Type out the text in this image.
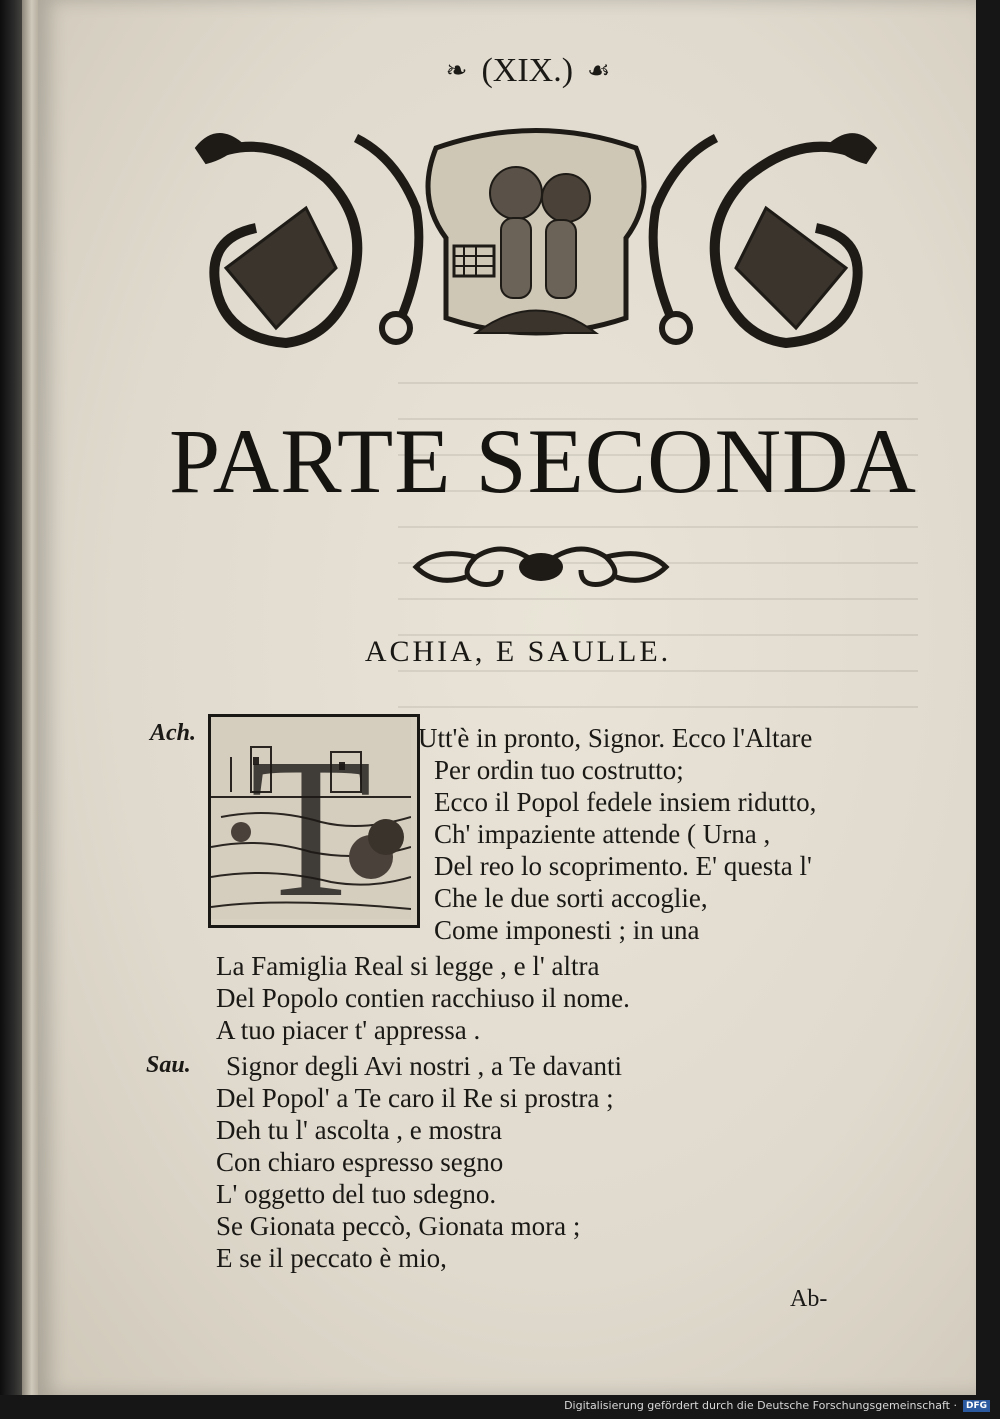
❧ (XIX.) ☙
PARTE SECONDA
ACHIA, E SAULLE.
Ach. T Utt'è in pronto, Signor. Ecco l'Altare
Per ordin tuo costrutto;
Ecco il Popol fedele insiem ridutto,
Ch' impaziente attende ( Urna ,
Del reo lo scoprimento. E' questa l'
Che le due sorti accoglie,
Come imponesti ; in una
La Famiglia Real si legge , e l' altra
Del Popolo contien racchiuso il nome.
A tuo piacer t' appressa .
Sau. Signor degli Avi nostri , a Te davanti
Del Popol' a Te caro il Re si prostra ;
Deh tu l' ascolta , e mostra
Con chiaro espresso segno
L' oggetto del tuo sdegno.
Se Gionata peccò, Gionata mora ;
E se il peccato è mio,
Ab-
Digitalisierung gefördert durch die Deutsche Forschungsgemeinschaft ·	DFG
